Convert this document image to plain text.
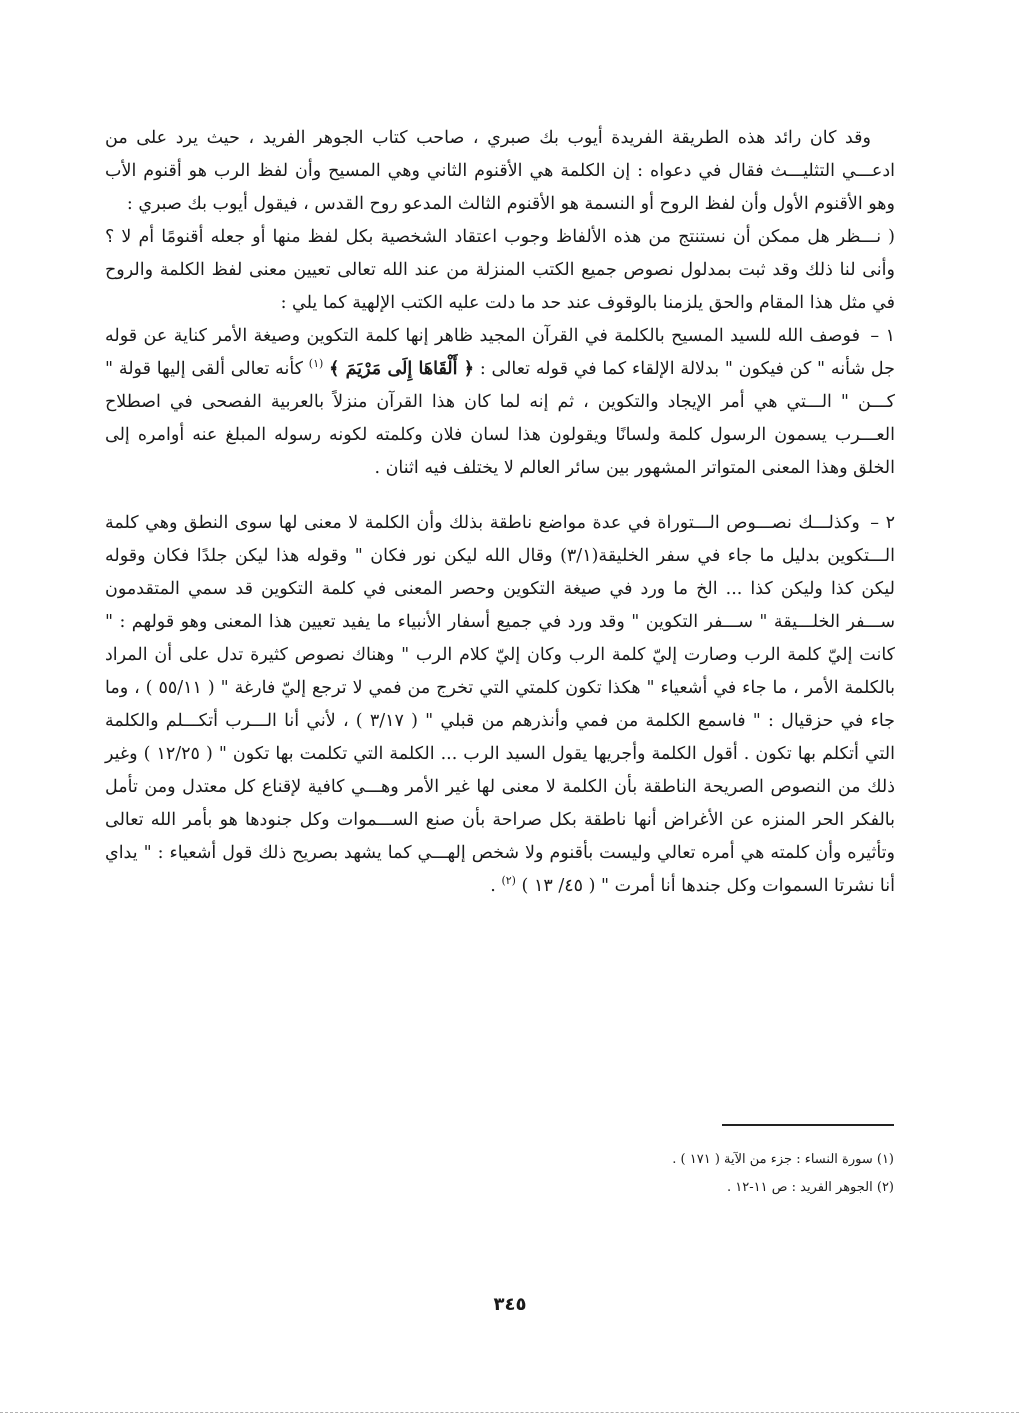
وقد كان رائد هذه الطريقة الفريدة أيوب بك صبري ، صاحب كتاب الجوهر الفريد ، حيث يرد على من ادعـــي التثليـــث فقال في دعواه : إن الكلمة هي الأقنوم الثاني وهي المسيح وأن لفظ الرب هو أقنوم الأب وهو الأقنوم الأول وأن لفظ الروح أو النسمة هو الأقنوم الثالث المدعو روح القدس ، فيقول أيوب بك صبري :

( نـــظر هل ممكن أن نستنتج من هذه الألفاظ وجوب اعتقاد الشخصية بكل لفظ منها أو جعله أقنومًا أم لا ؟ وأنى لنا ذلك وقد ثبت بمدلول نصوص جميع الكتب المنزلة من عند الله تعالى تعيين معنى لفظ الكلمة والروح في مثل هذا المقام والحق يلزمنا بالوقوف عند حد ما دلت عليه الكتب الإلهية كما يلي :

١ – فوصف الله للسيد المسيح بالكلمة في القرآن المجيد ظاهر إنها كلمة التكوين وصيغة الأمر كناية عن قوله جل شأنه " كن فيكون " بدلالة الإلقاء كما في قوله تعالى : ﴿ أَلْقَاهَا إِلَى مَرْيَمَ ﴾ $^{(١)}$ كأنه تعالى ألقى إليها قولة " كـــن " الـــتي هي أمر الإيجاد والتكوين ، ثم إنه لما كان هذا القرآن منزلاً بالعربية الفصحى في اصطلاح العـــرب يسمون الرسول كلمة ولسانًا ويقولون هذا لسان فلان وكلمته لكونه رسوله المبلغ عنه أوامره إلى الخلق وهذا المعنى المتواتر المشهور بين سائر العالم لا يختلف فيه اثنان .

٢ – وكذلـــك نصـــوص الـــتوراة في عدة مواضع ناطقة بذلك وأن الكلمة لا معنى لها سوى النطق وهي كلمة الـــتكوين بدليل ما جاء في سفر الخليقة(٣/١) وقال الله ليكن نور فكان " وقوله هذا ليكن جلدًا فكان وقوله ليكن كذا وليكن كذا ... الخ ما ورد في صيغة التكوين وحصر المعنى في كلمة التكوين قد سمي المتقدمون ســـفر الخلـــيقة " ســـفر التكوين " وقد ورد في جميع أسفار الأنبياء ما يفيد تعيين هذا المعنى وهو قولهم : " كانت إليّ كلمة الرب وصارت إليّ كلمة الرب وكان إليّ كلام الرب " وهناك نصوص كثيرة تدل على أن المراد بالكلمة الأمر ، ما جاء في أشعياء " هكذا تكون كلمتي التي تخرج من فمي لا ترجع إليّ فارغة " ( ٥٥/١١ ) ، وما جاء في حزقيال : " فاسمع الكلمة من فمي وأنذرهم من قبلي " ( ٣/١٧ ) ، لأني أنا الـــرب أتكـــلم والكلمة التي أتكلم بها تكون . أقول الكلمة وأجريها يقول السيد الرب ... الكلمة التي تكلمت بها تكون " ( ١٢/٢٥ ) وغير ذلك من النصوص الصريحة الناطقة بأن الكلمة لا معنى لها غير الأمر وهـــي كافية لإقناع كل معتدل ومن تأمل بالفكر الحر المنزه عن الأغراض أنها ناطقة بكل صراحة بأن صنع الســـموات وكل جنودها هو بأمر الله تعالى وتأثيره وأن كلمته هي أمره تعالي وليست بأقنوم ولا شخص إلهـــي كما يشهد بصريح ذلك قول أشعياء : " يداي أنا نشرتا السموات وكل جندها أنا أمرت " ( ٤٥/ ١٣ ) $^{(٢)}$ .

(١) سورة النساء : جزء من الآية ( ١٧١ ) .

(٢) الجوهر الفريد : ص ١١-١٢ .

٣٤٥
